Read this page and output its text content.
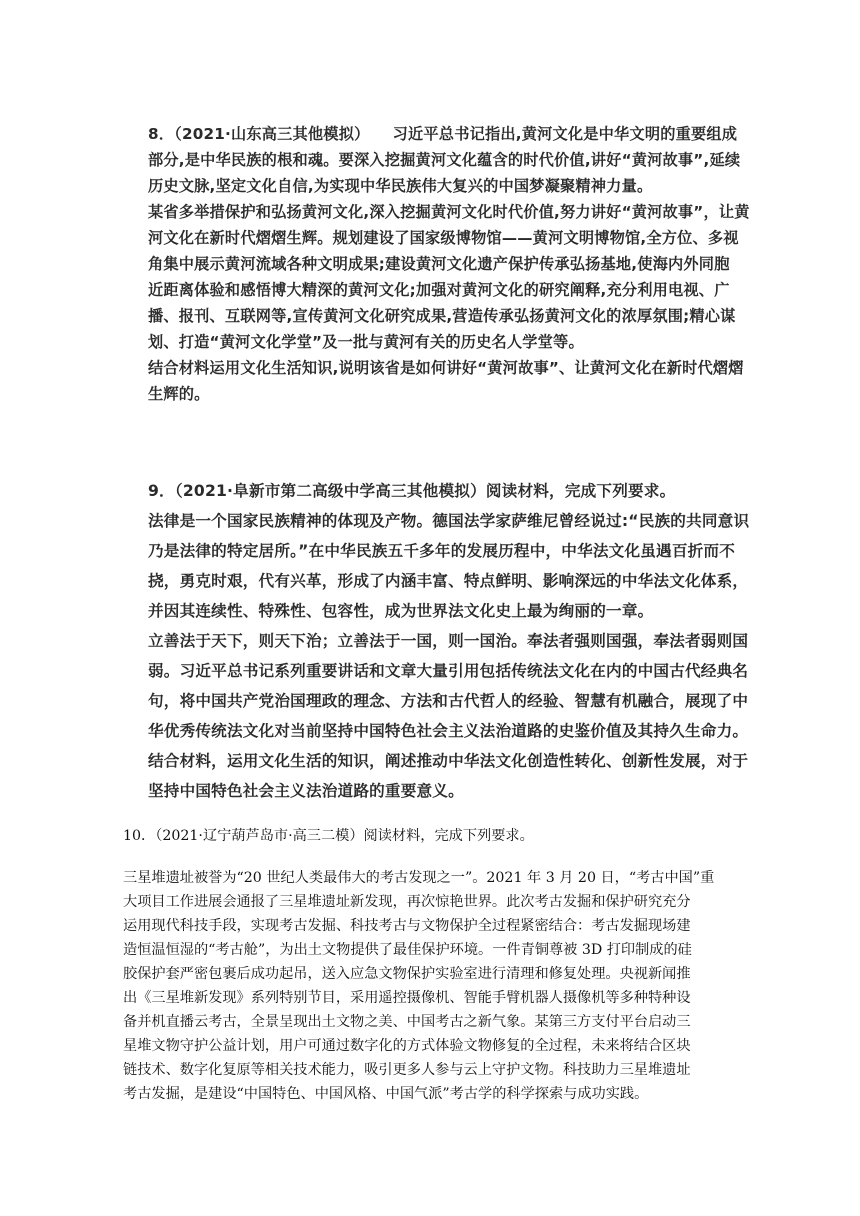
8．（2021·山东高三其他模拟）　　习近平总书记指出,黄河文化是中华文明的重要组成
部分,是中华民族的根和魂。要深入挖掘黄河文化蕴含的时代价值,讲好“黄河故事”,延续
历史文脉,坚定文化自信,为实现中华民族伟大复兴的中国梦凝聚精神力量。
某省多举措保护和弘扬黄河文化,深入挖掘黄河文化时代价值,努力讲好“黄河故事”，让黄
河文化在新时代熠熠生辉。规划建设了国家级博物馆——黄河文明博物馆,全方位、多视
角集中展示黄河流域各种文明成果;建设黄河文化遗产保护传承弘扬基地,使海内外同胞
近距离体验和感悟博大精深的黄河文化;加强对黄河文化的研究阐释,充分利用电视、广
播、报刊、互联网等,宣传黄河文化研究成果,营造传承弘扬黄河文化的浓厚氛围;精心谋
划、打造“黄河文化学堂”及一批与黄河有关的历史名人学堂等。
结合材料运用文化生活知识,说明该省是如何讲好“黄河故事”、让黄河文化在新时代熠熠
生辉的。
9．（2021·阜新市第二高级中学高三其他模拟）阅读材料，完成下列要求。
法律是一个国家民族精神的体现及产物。德国法学家萨维尼曾经说过:“民族的共同意识
乃是法律的特定居所。”在中华民族五千多年的发展历程中，中华法文化虽遇百折而不
挠，勇克时艰，代有兴革，形成了内涵丰富、特点鲜明、影响深远的中华法文化体系，
并因其连续性、特殊性、包容性，成为世界法文化史上最为绚丽的一章。
立善法于天下，则天下治；立善法于一国，则一国治。奉法者强则国强，奉法者弱则国
弱。习近平总书记系列重要讲话和文章大量引用包括传统法文化在内的中国古代经典名
句，将中国共产党治国理政的理念、方法和古代哲人的经验、智慧有机融合，展现了中
华优秀传统法文化对当前坚持中国特色社会主义法治道路的史鉴价值及其持久生命力。
结合材料，运用文化生活的知识，阐述推动中华法文化创造性转化、创新性发展，对于
坚持中国特色社会主义法治道路的重要意义。
10．（2021·辽宁葫芦岛市·高三二模）阅读材料，完成下列要求。
三星堆遗址被誉为“20 世纪人类最伟大的考古发现之一”。2021 年 3 月 20 日，“考古中国”重
大项目工作进展会通报了三星堆遗址新发现，再次惊艳世界。此次考古发掘和保护研究充分
运用现代科技手段，实现考古发掘、科技考古与文物保护全过程紧密结合：考古发掘现场建
造恒温恒湿的“考古舱”，为出土文物提供了最佳保护环境。一件青铜尊被 3D 打印制成的硅
胶保护套严密包裹后成功起吊，送入应急文物保护实验室进行清理和修复处理。央视新闻推
出《三星堆新发现》系列特别节目，采用遥控摄像机、智能手臂机器人摄像机等多种特种设
备并机直播云考古，全景呈现出土文物之美、中国考古之新气象。某第三方支付平台启动三
星堆文物守护公益计划，用户可通过数字化的方式体验文物修复的全过程，未来将结合区块
链技术、数字化复原等相关技术能力，吸引更多人参与云上守护文物。科技助力三星堆遗址
考古发掘，是建设“中国特色、中国风格、中国气派”考古学的科学探索与成功实践。
